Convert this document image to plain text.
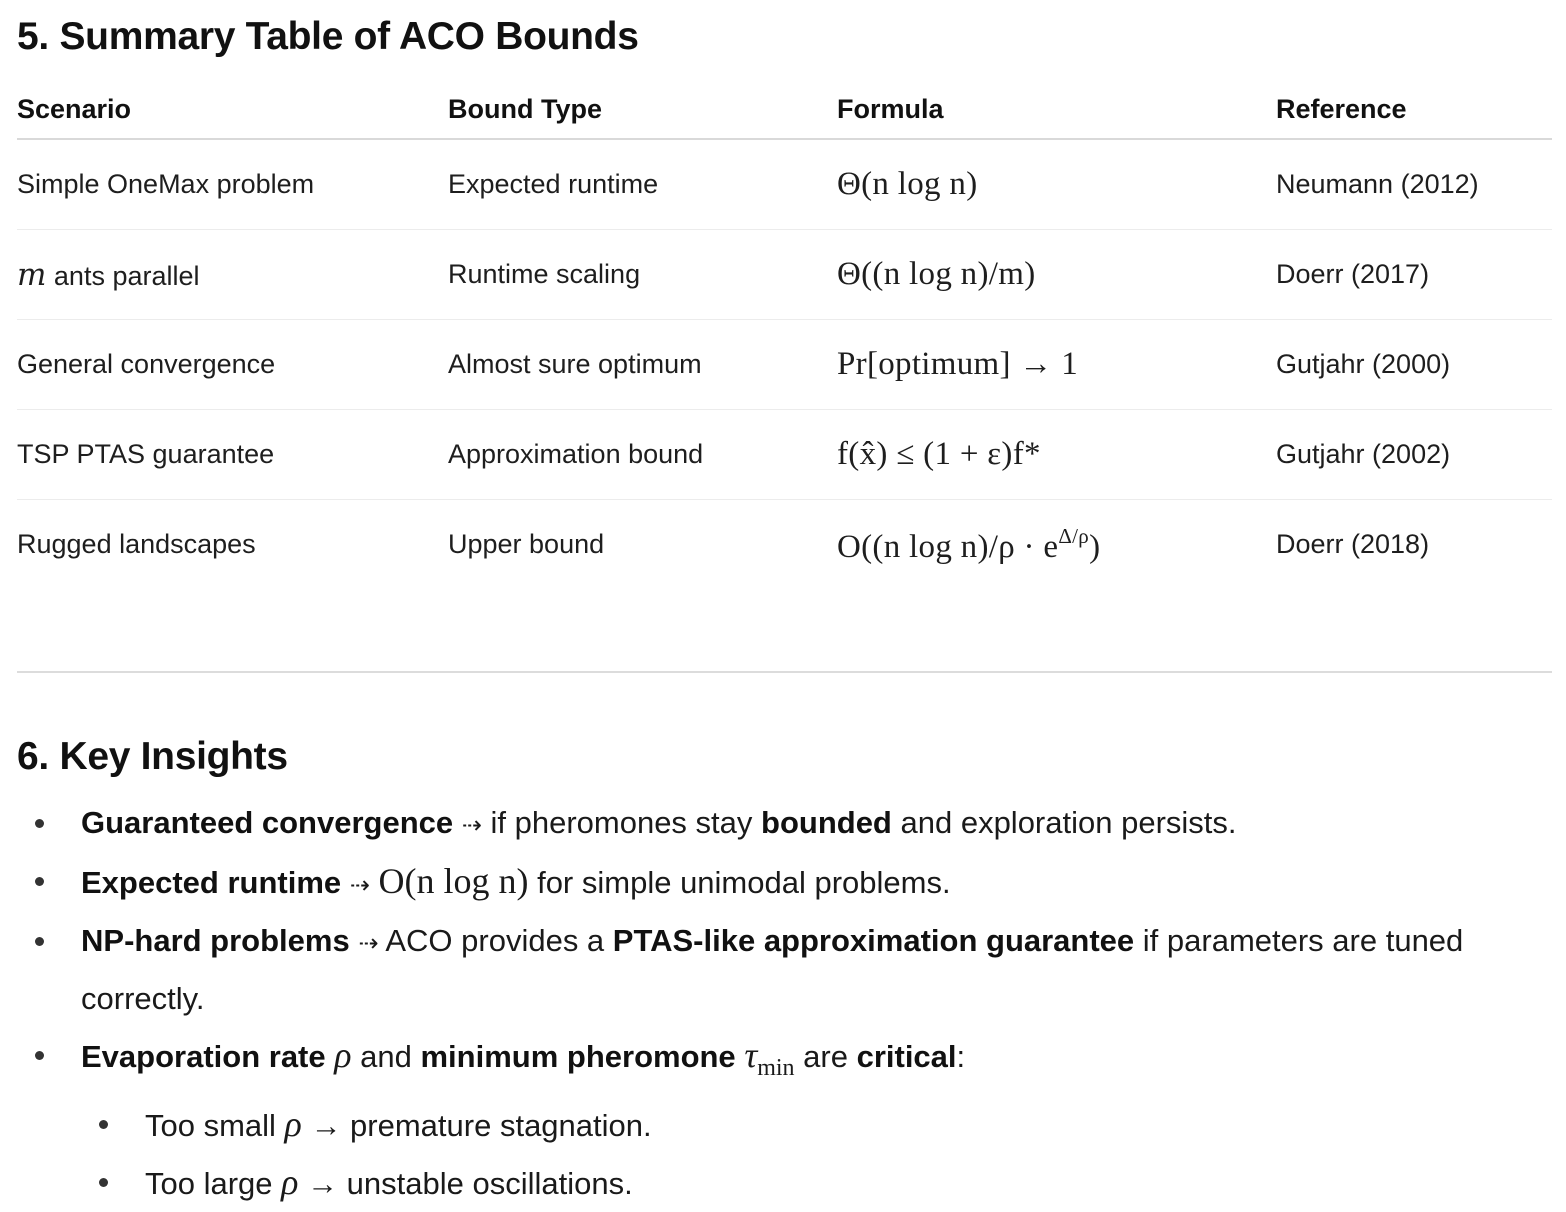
5. Summary Table of ACO Bounds
Scenario	Bound Type	Formula	Reference
Simple OneMax problem	Expected runtime	Θ(n log n)	Neumann (2012)
m ants parallel	Runtime scaling	Θ((n log n)/m)	Doerr (2017)
General convergence	Almost sure optimum	Pr[optimum] → 1	Gutjahr (2000)
TSP PTAS guarantee	Approximation bound	f(x̂) ≤ (1 + ε)f*	Gutjahr (2002)
Rugged landscapes	Upper bound	O((n $\log n)/\rho \cdot e^{\Delta/\rho}$)	Doerr (2018)
6. Key Insights
Guaranteed convergence ⇢ if pheromones stay bounded and exploration persists.
Expected runtime ⇢ O(n log n) for simple unimodal problems.
NP-hard problems ⇢ ACO provides a PTAS-like approximation guarantee if parameters are tuned correctly.
Evaporation rate ρ and minimum pheromone $\tau_{min}$ are critical:
Too small ρ → premature stagnation.
Too large ρ → unstable oscillations.
